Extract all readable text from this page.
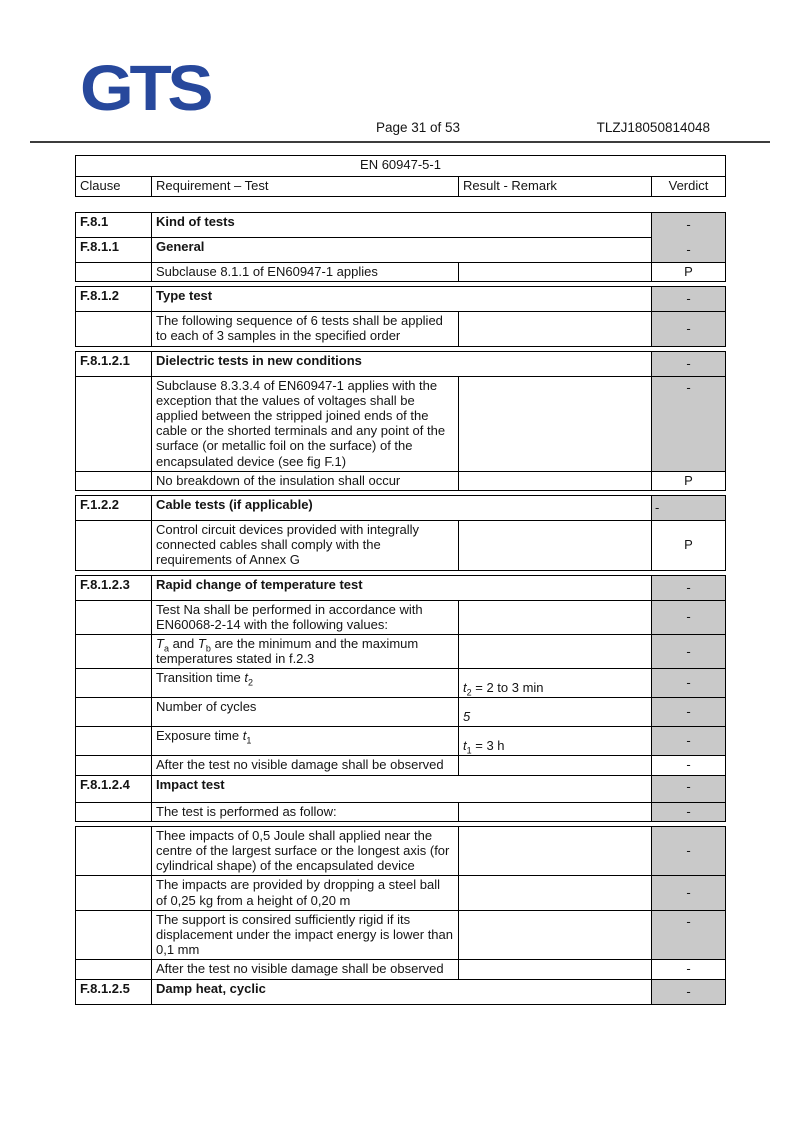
GTS
Page 31 of 53	TLZJ18050814048
EN 60947-5-1
Clause	Requirement – Test	Result - Remark	Verdict
F.8.1	Kind of tests		-
F.8.1.1	General		-
	Subclause 8.1.1 of EN60947-1 applies		P
F.8.1.2	Type test		-
	The following sequence of 6 tests shall be applied to each of 3 samples in the specified order		-
F.8.1.2.1	Dielectric tests in new conditions		-
	Subclause 8.3.3.4 of EN60947-1 applies with the exception that the values of voltages shall be applied between the stripped joined ends of the cable or the shorted terminals and any point of the surface (or metallic foil on the surface) of the encapsulated device (see fig F.1)		-
	No breakdown of the insulation shall occur		P
F.1.2.2	Cable tests (if applicable)		-
	Control circuit devices provided with integrally connected cables shall comply with the requirements of Annex G		P
F.8.1.2.3	Rapid change of temperature test		-
	Test Na shall be performed in accordance with EN60068-2-14 with the following values:		-
	$T_a$ and $T_b$ are the minimum and the maximum temperatures stated in f.2.3		-
	Transition time $t_2$	$t_2 = 2$ to 3 min	-
	Number of cycles	5	-
	Exposure time $t_1$	$t_1 = 3$ h	-
	After the test no visible damage shall be observed		-
F.8.1.2.4	Impact test		-
	The test is performed as follow:		-
	Thee impacts of 0,5 Joule shall applied near the centre of the largest surface or the longest axis (for cylindrical shape) of the encapsulated device		-
	The impacts are provided by dropping a steel ball of 0,25 kg from a height of 0,20 m		-
	The support is consired sufficiently rigid if its displacement under the impact energy is lower than 0,1 mm		-
	After the test no visible damage shall be observed		-
F.8.1.2.5	Damp heat, cyclic		-
